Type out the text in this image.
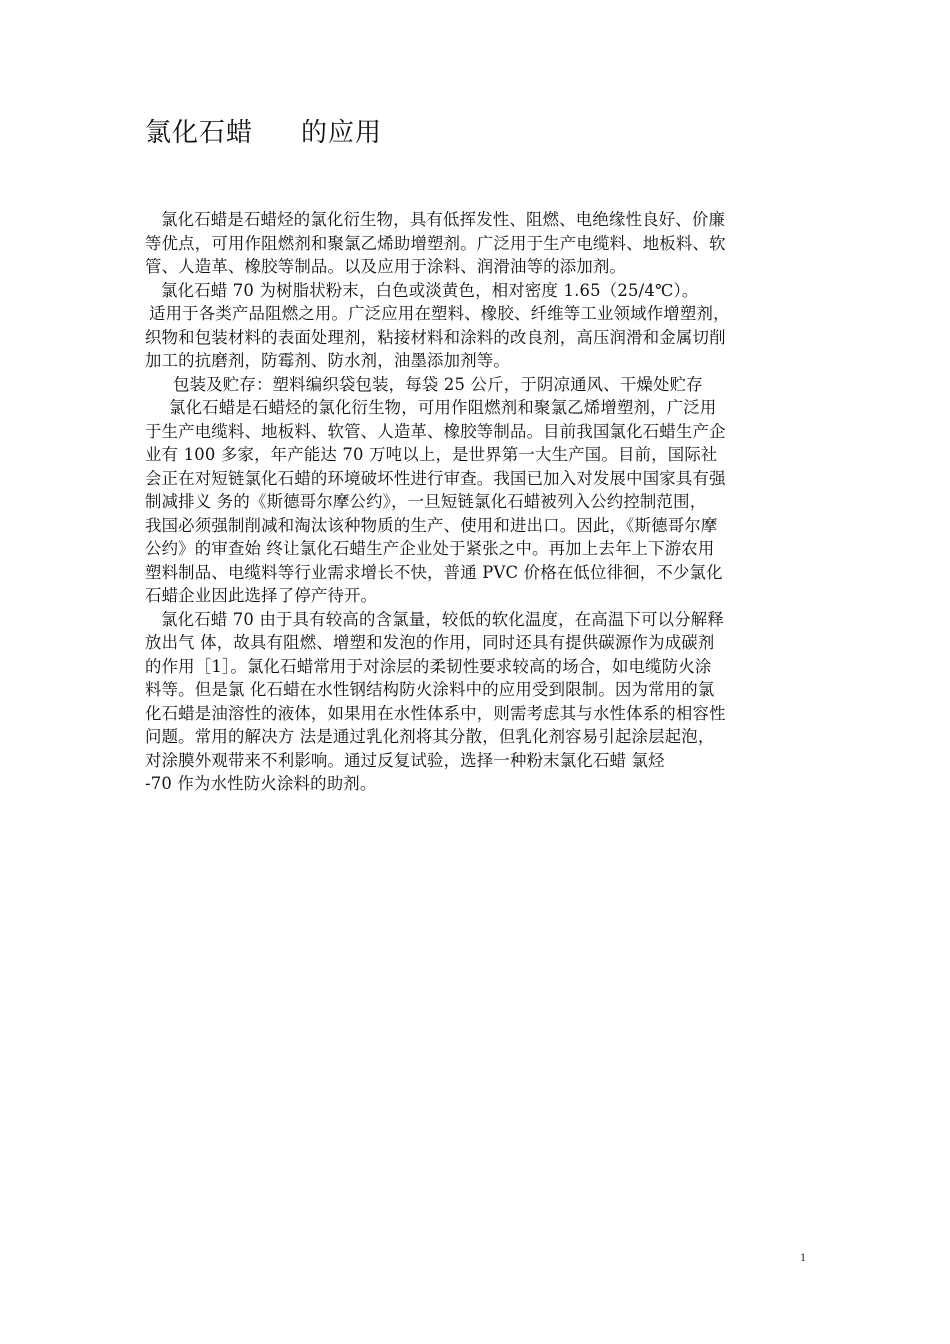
氯化石蜡 的应用
氯化石蜡是石蜡烃的氯化衍生物，具有低挥发性、阻燃、电绝缘性良好、价廉
等优点，可用作阻燃剂和聚氯乙烯助增塑剂。广泛用于生产电缆料、地板料、软
管、人造革、橡胶等制品。以及应用于涂料、润滑油等的添加剂。
氯化石蜡 70 为树脂状粉末，白色或淡黄色，相对密度 1.65（25/4℃）。
适用于各类产品阻燃之用。广泛应用在塑料、橡胶、纤维等工业领域作增塑剂，
织物和包装材料的表面处理剂，粘接材料和涂料的改良剂，高压润滑和金属切削
加工的抗磨剂，防霉剂、防水剂，油墨添加剂等。
包装及贮存：塑料编织袋包装，每袋 25 公斤，于阴凉通风、干燥处贮存
氯化石蜡是石蜡烃的氯化衍生物，可用作阻燃剂和聚氯乙烯增塑剂，广泛用
于生产电缆料、地板料、软管、人造革、橡胶等制品。目前我国氯化石蜡生产企
业有 100 多家，年产能达 70 万吨以上，是世界第一大生产国。目前，国际社
会正在对短链氯化石蜡的环境破坏性进行审查。我国已加入对发展中国家具有强
制减排义 务的《斯德哥尔摩公约》，一旦短链氯化石蜡被列入公约控制范围，
我国必须强制削减和淘汰该种物质的生产、使用和进出口。因此，《斯德哥尔摩
公约》的审查始 终让氯化石蜡生产企业处于紧张之中。再加上去年上下游农用
塑料制品、电缆料等行业需求增长不快，普通 PVC 价格在低位徘徊，不少氯化
石蜡企业因此选择了停产待开。
氯化石蜡 70 由于具有较高的含氯量，较低的软化温度，在高温下可以分解释
放出气 体，故具有阻燃、增塑和发泡的作用，同时还具有提供碳源作为成碳剂
的作用［1］。氯化石蜡常用于对涂层的柔韧性要求较高的场合，如电缆防火涂
料等。但是氯 化石蜡在水性钢结构防火涂料中的应用受到限制。因为常用的氯
化石蜡是油溶性的液体，如果用在水性体系中，则需考虑其与水性体系的相容性
问题。常用的解决方 法是通过乳化剂将其分散，但乳化剂容易引起涂层起泡，
对涂膜外观带来不利影响。通过反复试验，选择一种粉末氯化石蜡 氯烃
-70 作为水性防火涂料的助剂。
1
